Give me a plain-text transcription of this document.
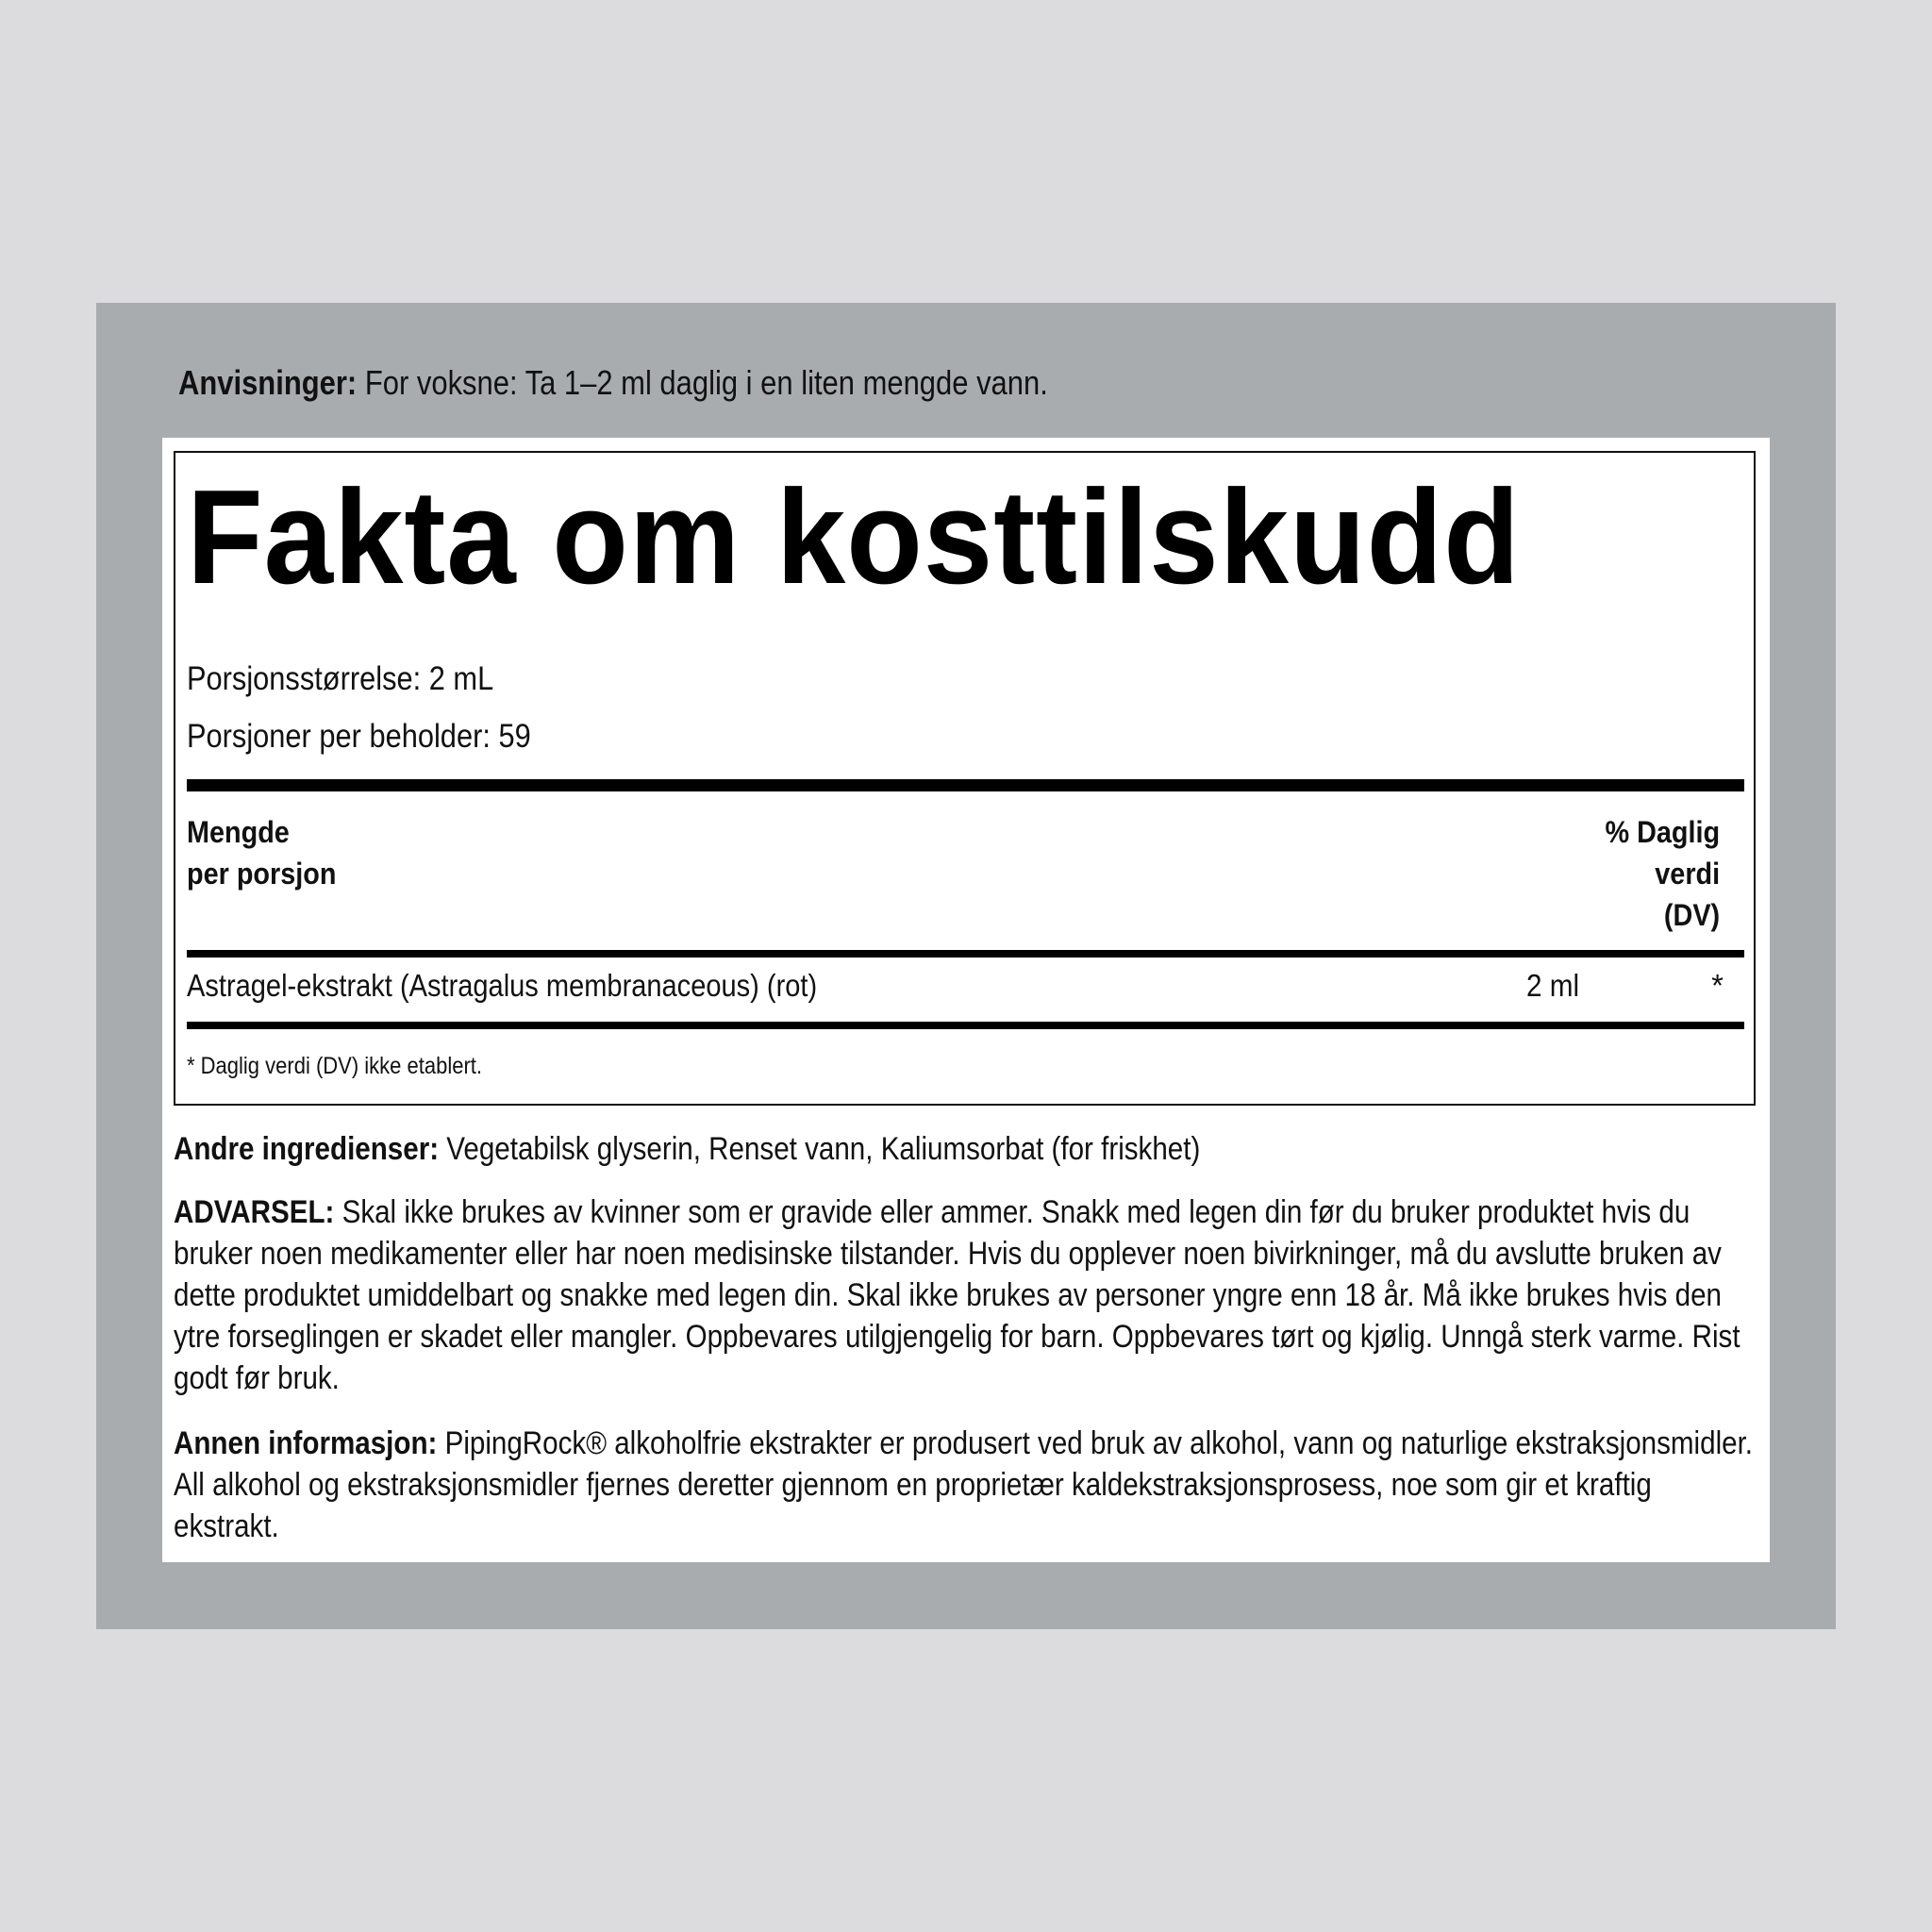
Anvisninger: For voksne: Ta 1–2 ml daglig i en liten mengde vann.
Fakta om kosttilskudd
Porsjonsstørrelse: 2 mL
Porsjoner per beholder: 59
Mengde
per porsjon
% Daglig
verdi
(DV)
Astragel-ekstrakt (Astragalus membranaceous) (rot)	2 ml	*
* Daglig verdi (DV) ikke etablert.
Andre ingredienser: Vegetabilsk glyserin, Renset vann, Kaliumsorbat (for friskhet)
ADVARSEL: Skal ikke brukes av kvinner som er gravide eller ammer. Snakk med legen din før du bruker produktet hvis du bruker noen medikamenter eller har noen medisinske tilstander. Hvis du opplever noen bivirkninger, må du avslutte bruken av dette produktet umiddelbart og snakke med legen din. Skal ikke brukes av personer yngre enn 18 år. Må ikke brukes hvis den ytre forseglingen er skadet eller mangler. Oppbevares utilgjengelig for barn. Oppbevares tørt og kjølig. Unngå sterk varme. Rist godt før bruk.
Annen informasjon: PipingRock® alkoholfrie ekstrakter er produsert ved bruk av alkohol, vann og naturlige ekstraksjonsmidler. All alkohol og ekstraksjonsmidler fjernes deretter gjennom en proprietær kaldekstraksjonsprosess, noe som gir et kraftig ekstrakt.
